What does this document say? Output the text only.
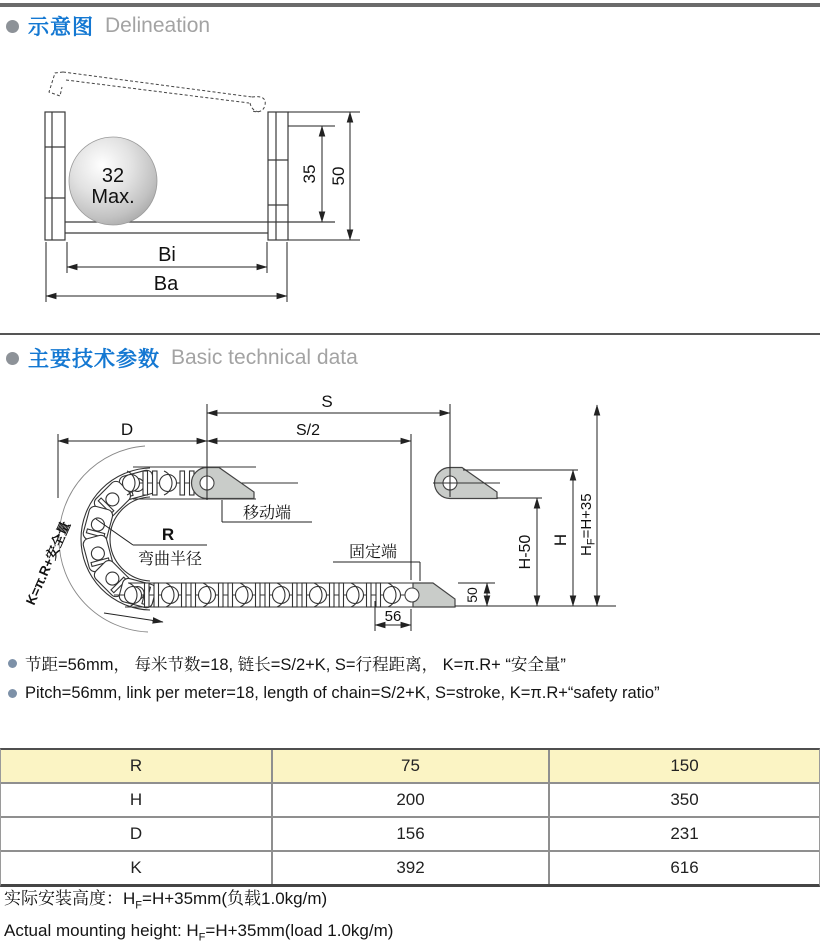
示意图 Delineation
32
Max.
35 50
Bi
Ba
主要技术参数 Basic technical data
S
S/2
D
R
弯曲半径
移动端
固定端
K=π.R+安全量	H-50 H
$H_F=H+35$
50
56
节距=56mm， 每米节数=18, 链长=S/2+K, S=行程距离， K=π.R+ “安全量”
Pitch=56mm, link per meter=18, length of chain=S/2+K, S=stroke, K=π.R+“safety ratio”
R	75	150
H	200	350
D	156	231
K	392	616
实际安装高度：$H_F=H+35mm$(负载1.0kg/m)
Actual mounting height: $H_F=H+35mm(load$ 1.0kg/m)
